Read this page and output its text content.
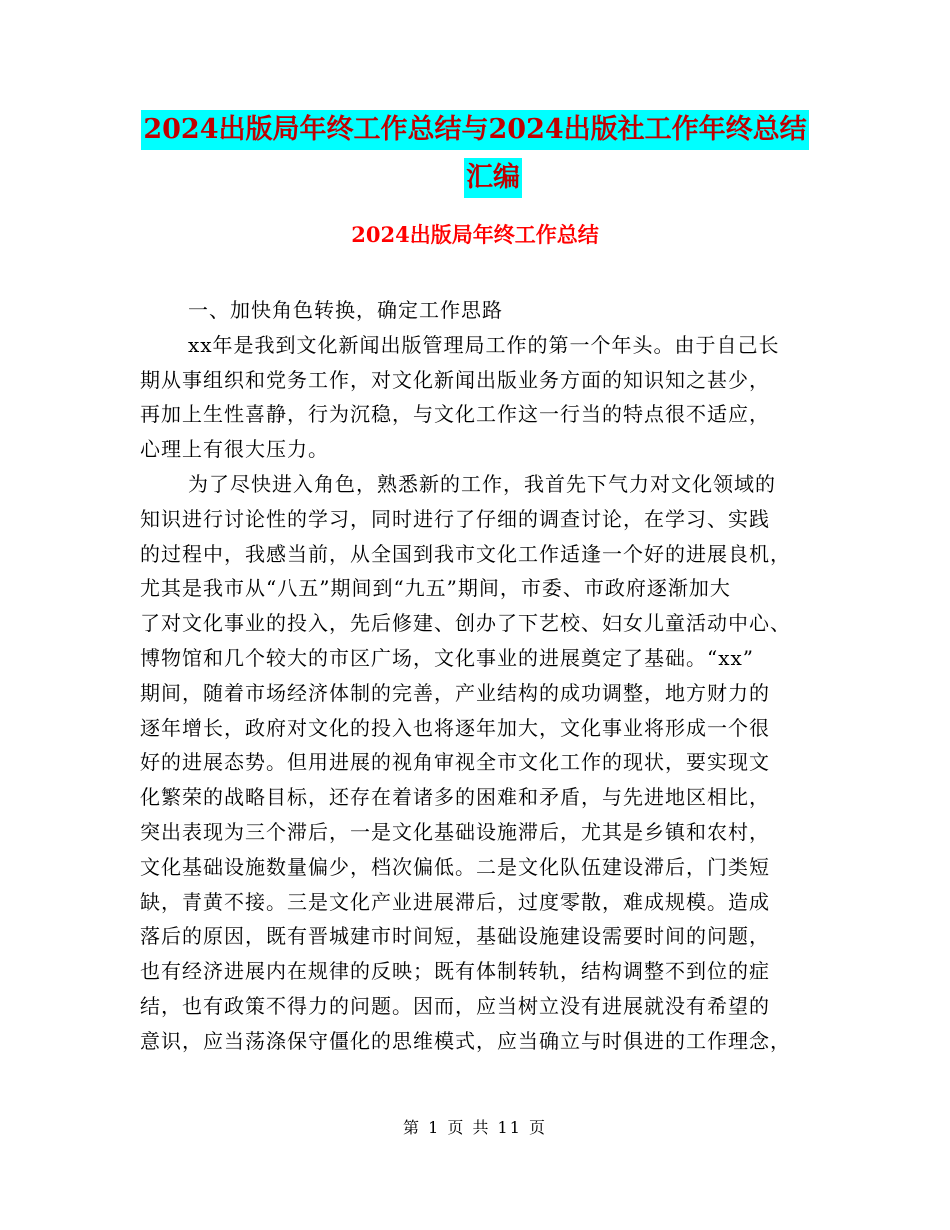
2024出版局年终工作总结与2024出版社工作年终总结
汇编
2024出版局年终工作总结
一、加快角色转换，确定工作思路
xx年是我到文化新闻出版管理局工作的第一个年头。由于自己长
期从事组织和党务工作，对文化新闻出版业务方面的知识知之甚少，
再加上生性喜静，行为沉稳，与文化工作这一行当的特点很不适应，
心理上有很大压力。
为了尽快进入角色，熟悉新的工作，我首先下气力对文化领域的
知识进行讨论性的学习，同时进行了仔细的调查讨论，在学习、实践
的过程中，我感当前，从全国到我市文化工作适逢一个好的进展良机，
尤其是我市从“八五”期间到“九五”期间，市委、市政府逐渐加大
了对文化事业的投入，先后修建、创办了下艺校、妇女儿童活动中心、
博物馆和几个较大的市区广场，文化事业的进展奠定了基础。“xx”
期间，随着市场经济体制的完善，产业结构的成功调整，地方财力的
逐年增长，政府对文化的投入也将逐年加大，文化事业将形成一个很
好的进展态势。但用进展的视角审视全市文化工作的现状，要实现文
化繁荣的战略目标，还存在着诸多的困难和矛盾，与先进地区相比，
突出表现为三个滞后，一是文化基础设施滞后，尤其是乡镇和农村，
文化基础设施数量偏少，档次偏低。二是文化队伍建设滞后，门类短
缺，青黄不接。三是文化产业进展滞后，过度零散，难成规模。造成
落后的原因，既有晋城建市时间短，基础设施建设需要时间的问题，
也有经济进展内在规律的反映；既有体制转轨，结构调整不到位的症
结，也有政策不得力的问题。因而，应当树立没有进展就没有希望的
意识，应当荡涤保守僵化的思维模式，应当确立与时俱进的工作理念，
第 1 页 共 11 页
